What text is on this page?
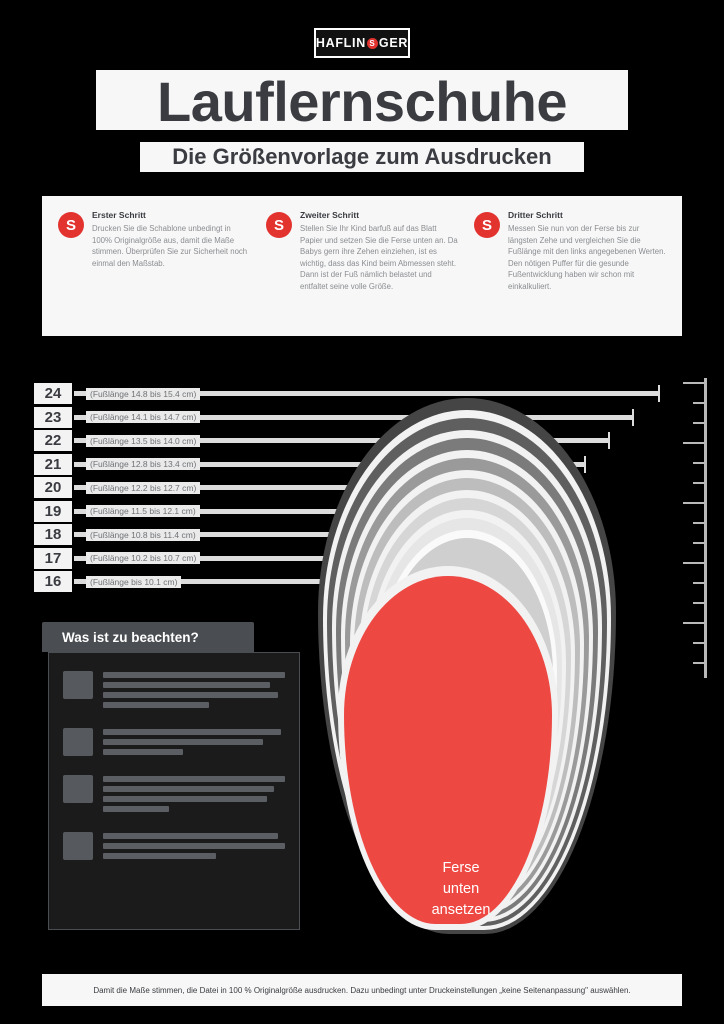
HAFLIN S GER
Lauflernschuhe
Die Größenvorlage zum Ausdrucken
S
Erster Schritt
Drucken Sie die Schablone unbedingt in 100% Originalgröße aus, damit die Maße stimmen. Überprüfen Sie zur Sicherheit noch einmal den Maßstab.
S
Zweiter Schritt
Stellen Sie Ihr Kind barfuß auf das Blatt Papier und setzen Sie die Ferse unten an. Da Babys gern ihre Zehen einziehen, ist es wichtig, dass das Kind beim Abmessen steht. Dann ist der Fuß nämlich belastet und entfaltet seine volle Größe.
S
Dritter Schritt
Messen Sie nun von der Ferse bis zur längsten Zehe und vergleichen Sie die Fußlänge mit den links angegebenen Werten. Den nötigen Puffer für die gesunde Fußentwicklung haben wir schon mit einkalkuliert.
24	(Fußlänge 14.8 bis 15.4 cm)
23	(Fußlänge 14.1 bis 14.7 cm)
22	(Fußlänge 13.5 bis 14.0 cm)
21	(Fußlänge 12.8 bis 13.4 cm)
20	(Fußlänge 12.2 bis 12.7 cm)
19	(Fußlänge 11.5 bis 12.1 cm)
18	(Fußlänge 10.8 bis 11.4 cm)
17	(Fußlänge 10.2 bis 10.7 cm)
16	(Fußlänge bis 10.1 cm)
Ferse
unten
ansetzen
Was ist zu beachten?
Damit die Maße stimmen, die Datei in 100 % Originalgröße ausdrucken. Dazu unbedingt unter Druckeinstellungen „keine Seitenanpassung" auswählen.
